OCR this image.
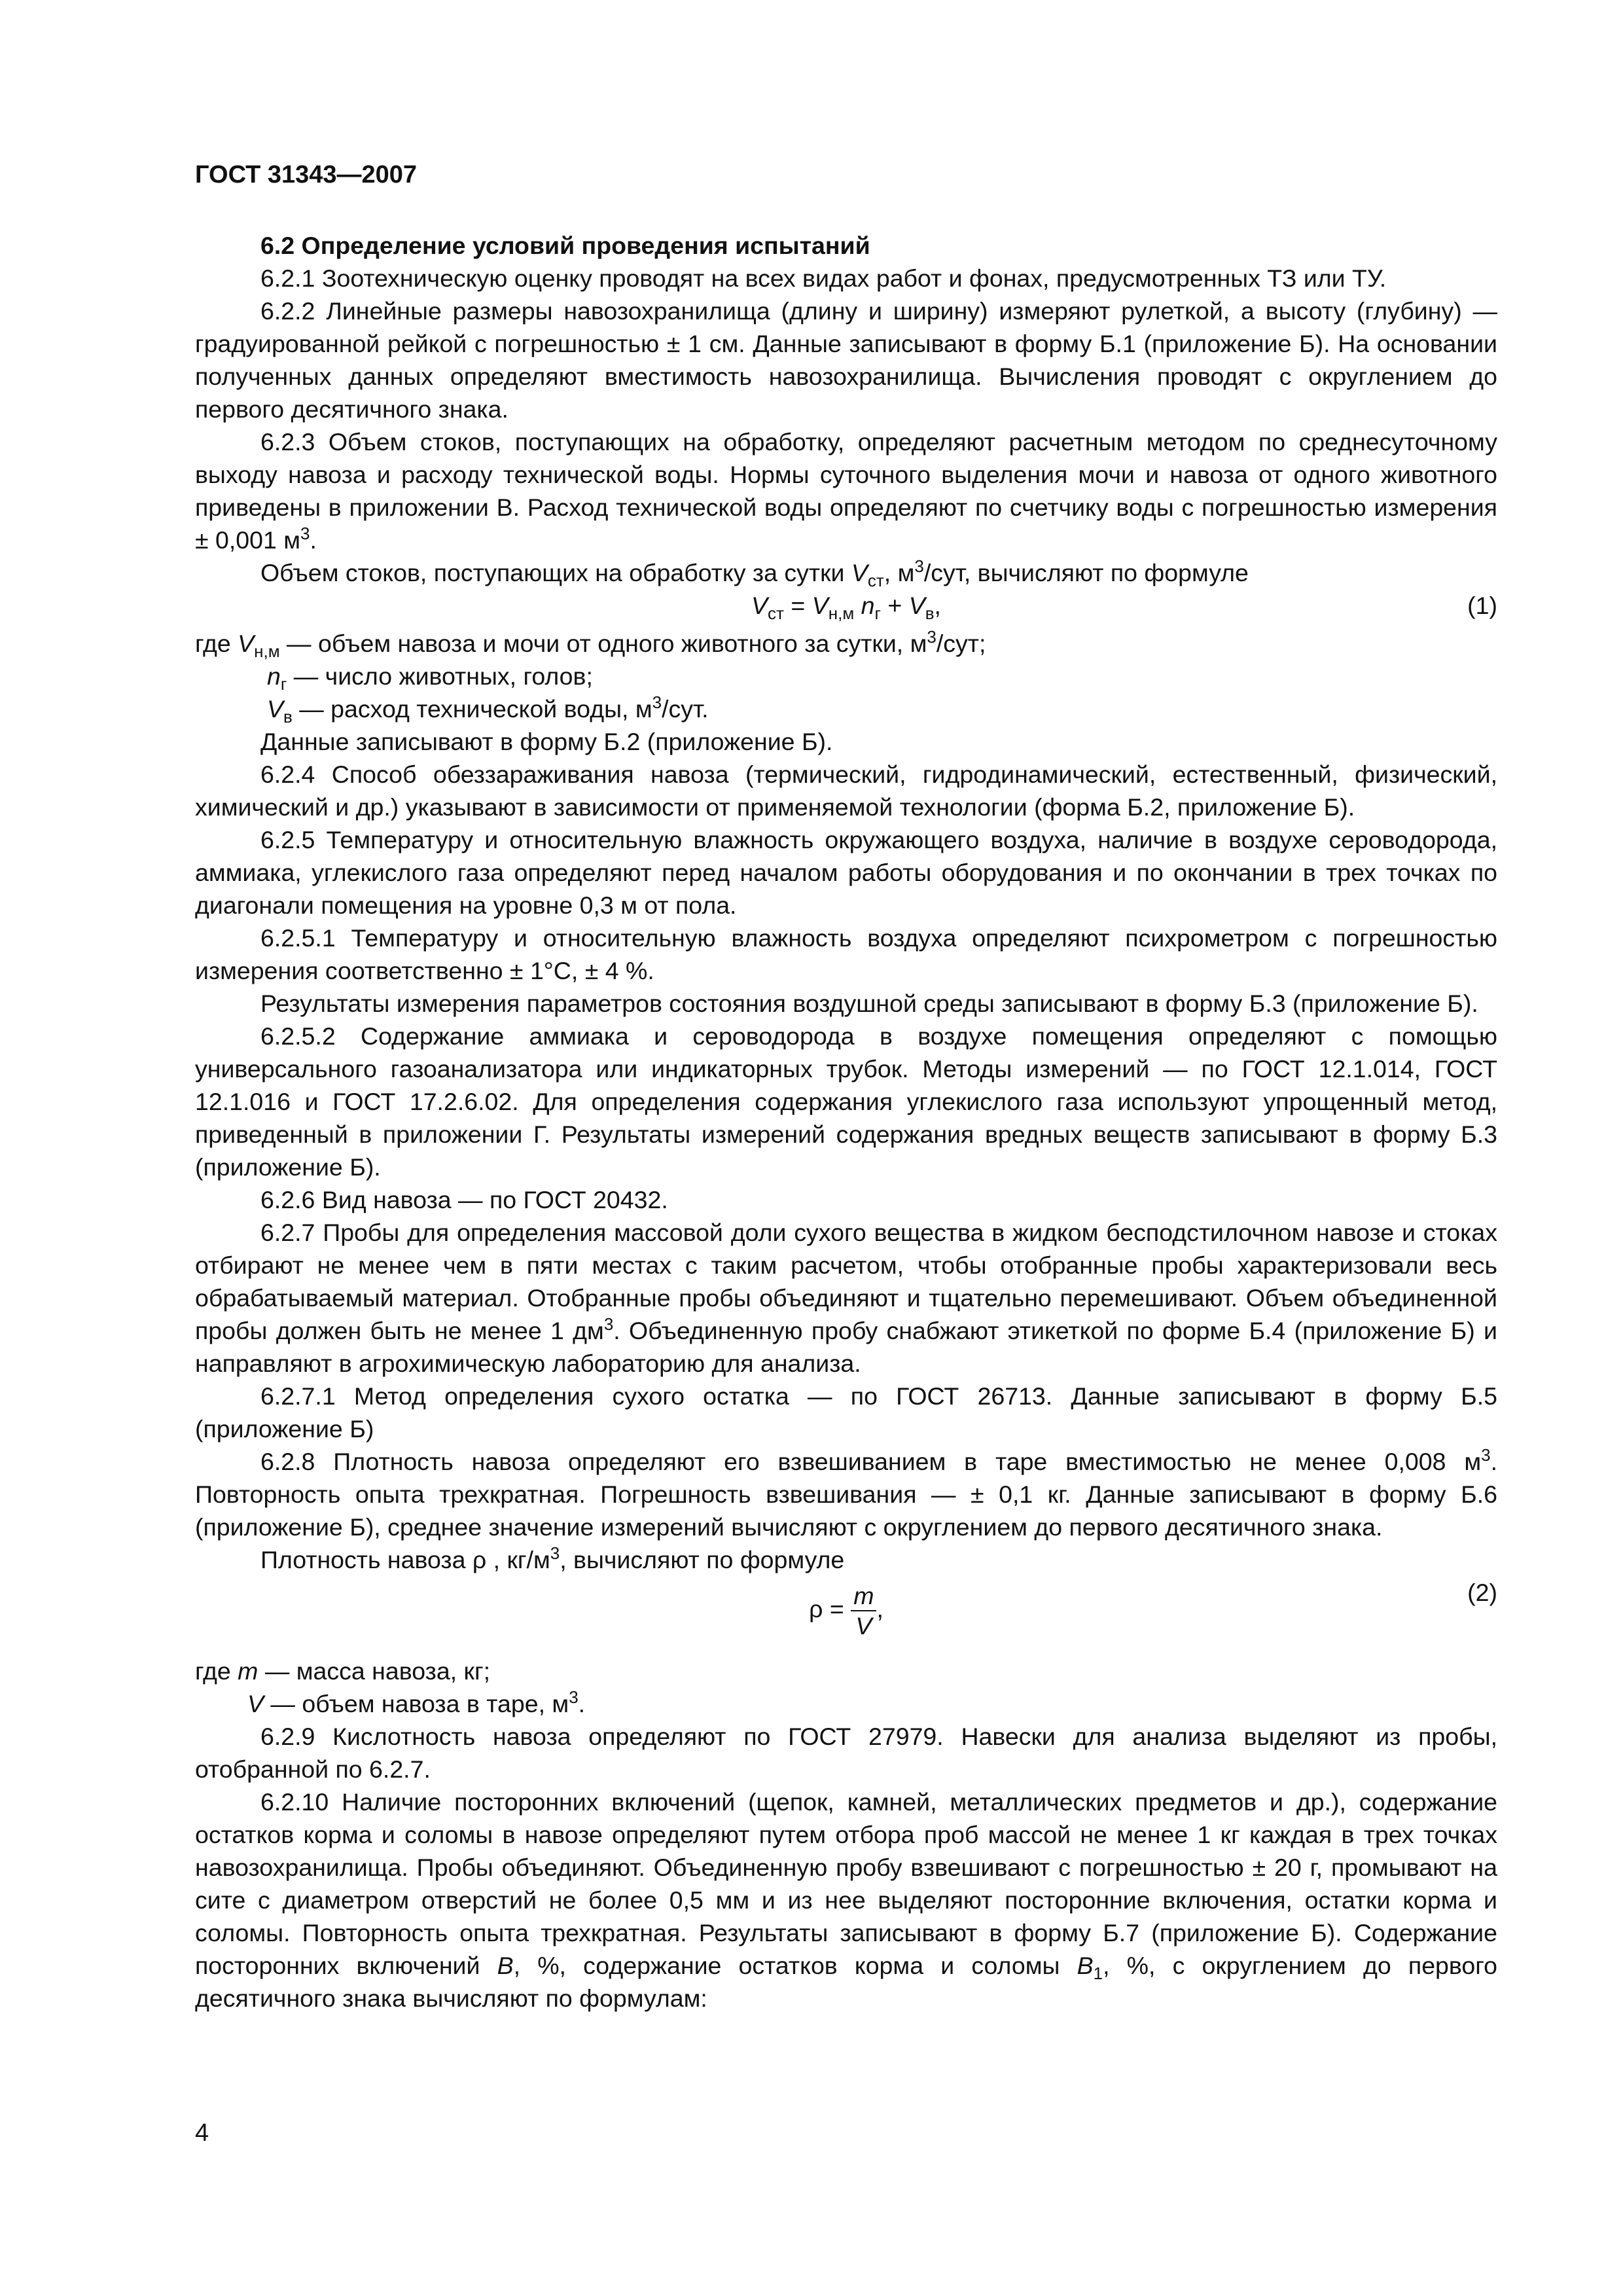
ГОСТ 31343—2007

6.2 Определение условий проведения испытаний

6.2.1 Зоотехническую оценку проводят на всех видах работ и фонах, предусмотренных ТЗ или ТУ.

6.2.2 Линейные размеры навозохранилища (длину и ширину) измеряют рулеткой, а высоту (глубину) — градуированной рейкой с погрешностью ± 1 см. Данные записывают в форму Б.1 (приложение Б). На основании полученных данных определяют вместимость навозохранилища. Вычисления проводят с округлением до первого десятичного знака.

6.2.3 Объем стоков, поступающих на обработку, определяют расчетным методом по среднесуточному выходу навоза и расходу технической воды. Нормы суточного выделения мочи и навоза от одного животного приведены в приложении В. Расход технической воды определяют по счетчику воды с погрешностью измерения ± 0,001 $м^3$.

Объем стоков, поступающих на обработку за сутки $V_{ст}$, $м^3$/сут, вычисляют по формуле

$V_{ст} = V_{н,м}$ $n_г + V_в$,	(1)

где $V_{н,м}$ — объем навоза и мочи от одного животного за сутки, $м^3$/сут;

$n_г$ — число животных, голов;

$V_в$ — расход технической воды, $м^3$/сут.

Данные записывают в форму Б.2 (приложение Б).

6.2.4 Способ обеззараживания навоза (термический, гидродинамический, естественный, физический, химический и др.) указывают в зависимости от применяемой технологии (форма Б.2, приложение Б).

6.2.5 Температуру и относительную влажность окружающего воздуха, наличие в воздухе сероводорода, аммиака, углекислого газа определяют перед началом работы оборудования и по окончании в трех точках по диагонали помещения на уровне 0,3 м от пола.

6.2.5.1 Температуру и относительную влажность воздуха определяют психрометром с погрешностью измерения соответственно ± 1°С, ± 4 %.

Результаты измерения параметров состояния воздушной среды записывают в форму Б.3 (приложение Б).

6.2.5.2 Содержание аммиака и сероводорода в воздухе помещения определяют с помощью универсального газоанализатора или индикаторных трубок. Методы измерений — по ГОСТ 12.1.014, ГОСТ 12.1.016 и ГОСТ 17.2.6.02. Для определения содержания углекислого газа используют упрощенный метод, приведенный в приложении Г. Результаты измерений содержания вредных веществ записывают в форму Б.3 (приложение Б).

6.2.6 Вид навоза — по ГОСТ 20432.

6.2.7 Пробы для определения массовой доли сухого вещества в жидком бесподстилочном навозе и стоках отбирают не менее чем в пяти местах с таким расчетом, чтобы отобранные пробы характеризовали весь обрабатываемый материал. Отобранные пробы объединяют и тщательно перемешивают. Объем объединенной пробы должен быть не менее 1 $дм^3$. Объединенную пробу снабжают этикеткой по форме Б.4 (приложение Б) и направляют в агрохимическую лабораторию для анализа.

6.2.7.1 Метод определения сухого остатка — по ГОСТ 26713. Данные записывают в форму Б.5 (приложение Б)

6.2.8 Плотность навоза определяют его взвешиванием в таре вместимостью не менее 0,008 $м^3$. Повторность опыта трехкратная. Погрешность взвешивания — ± 0,1 кг. Данные записывают в форму Б.6 (приложение Б), среднее значение измерений вычисляют с округлением до первого десятичного знака.

Плотность навоза ρ , $кг/м^3$, вычисляют по формуле

$\rho = \frac{m}{V}$ ,
(2)

где m — масса навоза, кг;

V — объем навоза в таре, $м^3$.

6.2.9 Кислотность навоза определяют по ГОСТ 27979. Навески для анализа выделяют из пробы, отобранной по 6.2.7.

6.2.10 Наличие посторонних включений (щепок, камней, металлических предметов и др.), содержание остатков корма и соломы в навозе определяют путем отбора проб массой не менее 1 кг каждая в трех точках навозохранилища. Пробы объединяют. Объединенную пробу взвешивают с погрешностью ± 20 г, промывают на сите с диаметром отверстий не более 0,5 мм и из нее выделяют посторонние включения, остатки корма и соломы. Повторность опыта трехкратная. Результаты записывают в форму Б.7 (приложение Б). Содержание посторонних включений B, %, содержание остатков корма и соломы $B_1$, %, с округлением до первого десятичного знака вычисляют по формулам:

4
